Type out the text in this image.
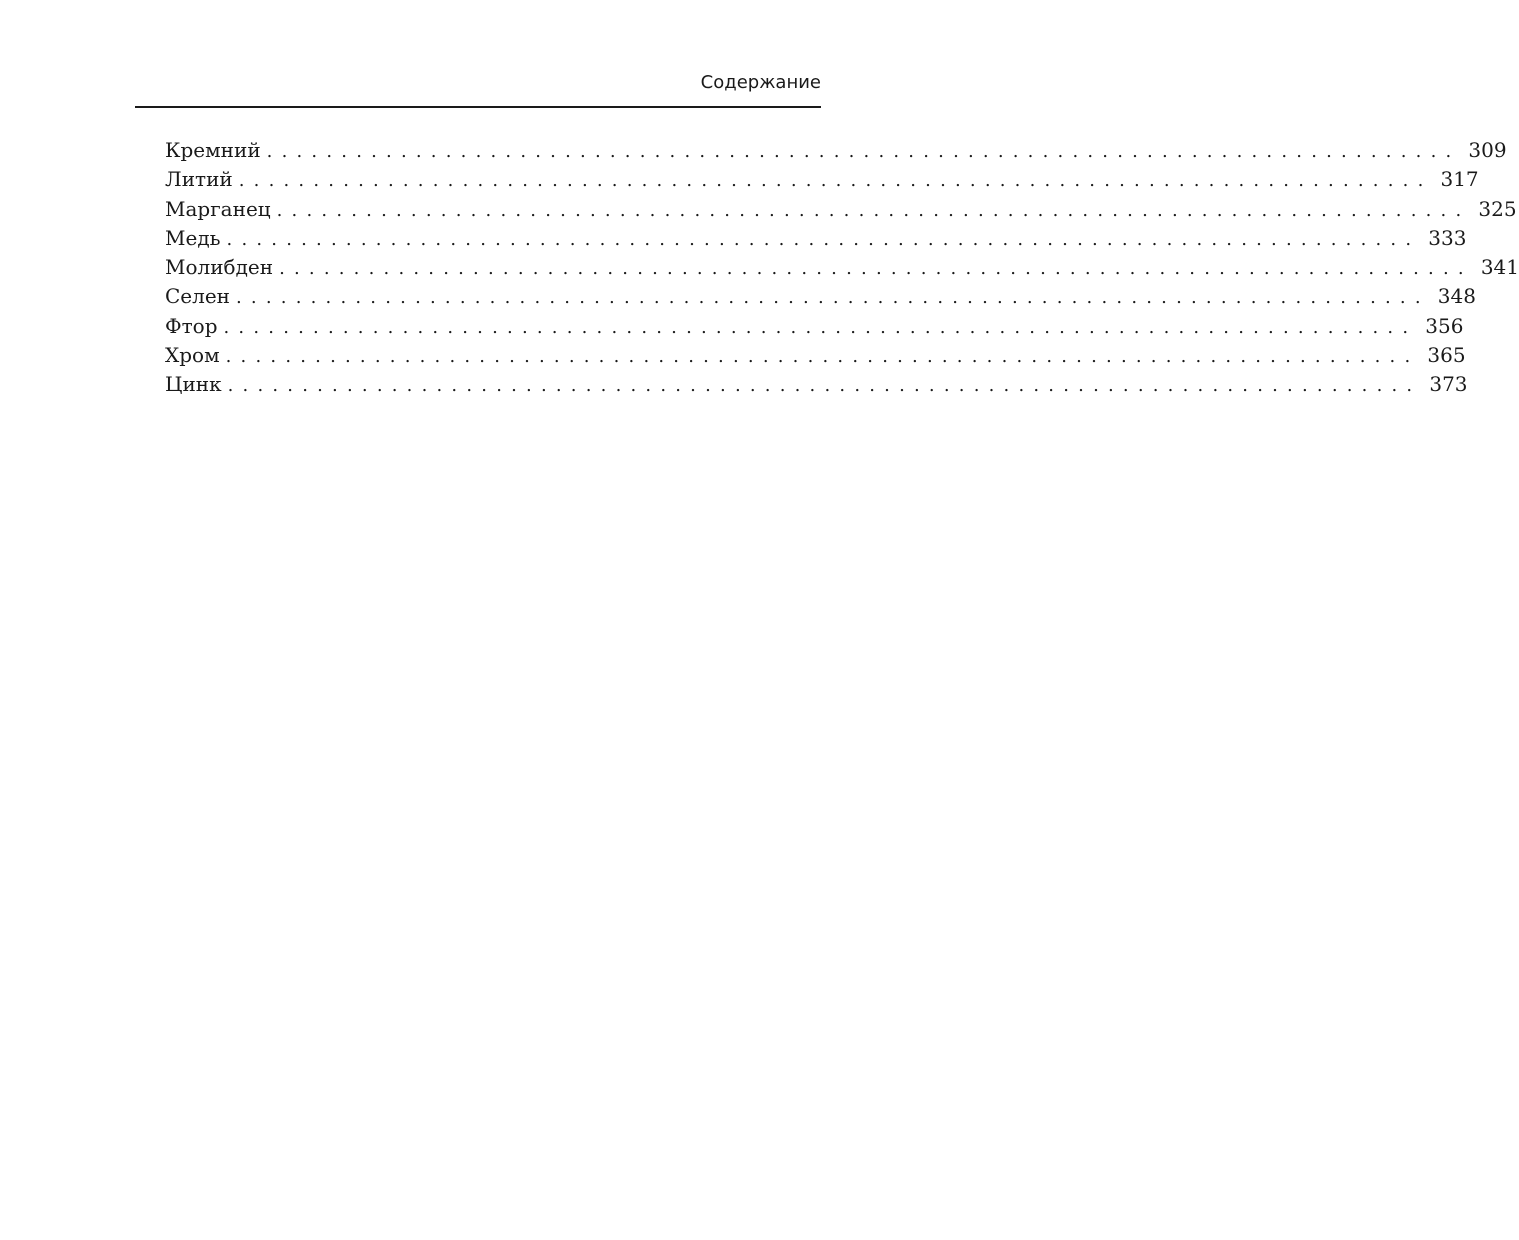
Содержание
Кремний ................................................................................ 309
Литий ................................................................................ 317
Марганец ................................................................................ 325
Медь ................................................................................ 333
Молибден ................................................................................ 341
Селен ................................................................................ 348
Фтор ................................................................................ 356
Хром ................................................................................ 365
Цинк ................................................................................ 373
